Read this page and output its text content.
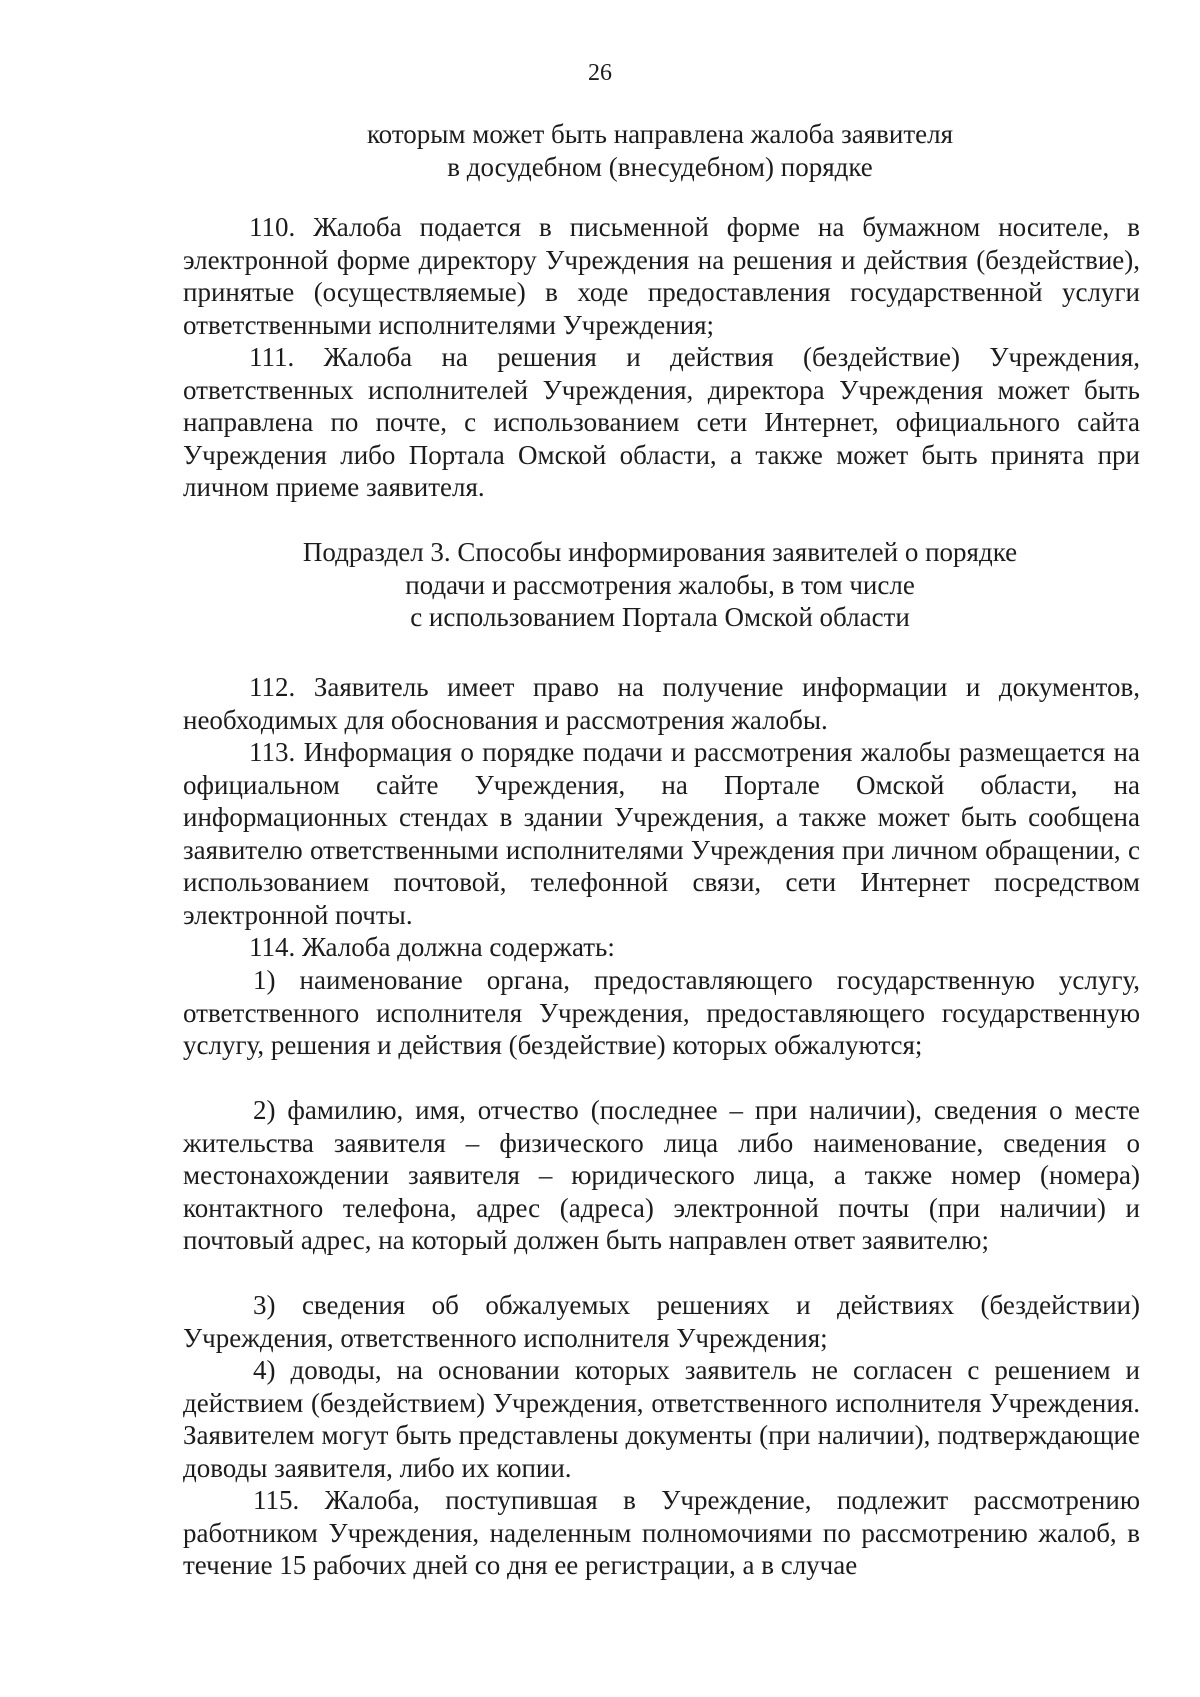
26
которым может быть направлена жалоба заявителя
в досудебном (внесудебном) порядке

110. Жалоба подается в письменной форме на бумажном носителе, в электронной форме директору Учреждения на решения и действия (бездействие), принятые (осуществляемые) в ходе предоставления государственной услуги ответственными исполнителями Учреждения;

111. Жалоба на решения и действия (бездействие) Учреждения, ответственных исполнителей Учреждения, директора Учреждения может быть направлена по почте, с использованием сети Интернет, официального сайта Учреждения либо Портала Омской области, а также может быть принята при личном приеме заявителя.

Подраздел 3. Способы информирования заявителей о порядке
подачи и рассмотрения жалобы, в том числе
с использованием Портала Омской области

112. Заявитель имеет право на получение информации и документов, необходимых для обоснования и рассмотрения жалобы.

113. Информация о порядке подачи и рассмотрения жалобы размещается на официальном сайте Учреждения, на Портале Омской области, на информационных стендах в здании Учреждения, а также может быть сообщена заявителю ответственными исполнителями Учреждения при личном обращении, с использованием почтовой, телефонной связи, сети Интернет посредством электронной почты.

114. Жалоба должна содержать:

1) наименование органа, предоставляющего государственную услугу, ответственного исполнителя Учреждения, предоставляющего государственную услугу, решения и действия (бездействие) которых обжалуются;

2) фамилию, имя, отчество (последнее – при наличии), сведения о месте жительства заявителя – физического лица либо наименование, сведения о местонахождении заявителя – юридического лица, а также номер (номера) контактного телефона, адрес (адреса) электронной почты (при наличии) и почтовый адрес, на который должен быть направлен ответ заявителю;

3) сведения об обжалуемых решениях и действиях (бездействии) Учреждения, ответственного исполнителя Учреждения;

4) доводы, на основании которых заявитель не согласен с решением и действием (бездействием) Учреждения, ответственного исполнителя Учреждения. Заявителем могут быть представлены документы (при наличии), подтверждающие доводы заявителя, либо их копии.

115. Жалоба, поступившая в Учреждение, подлежит рассмотрению работником Учреждения, наделенным полномочиями по рассмотрению жалоб, в течение 15 рабочих дней со дня ее регистрации, а в случае
